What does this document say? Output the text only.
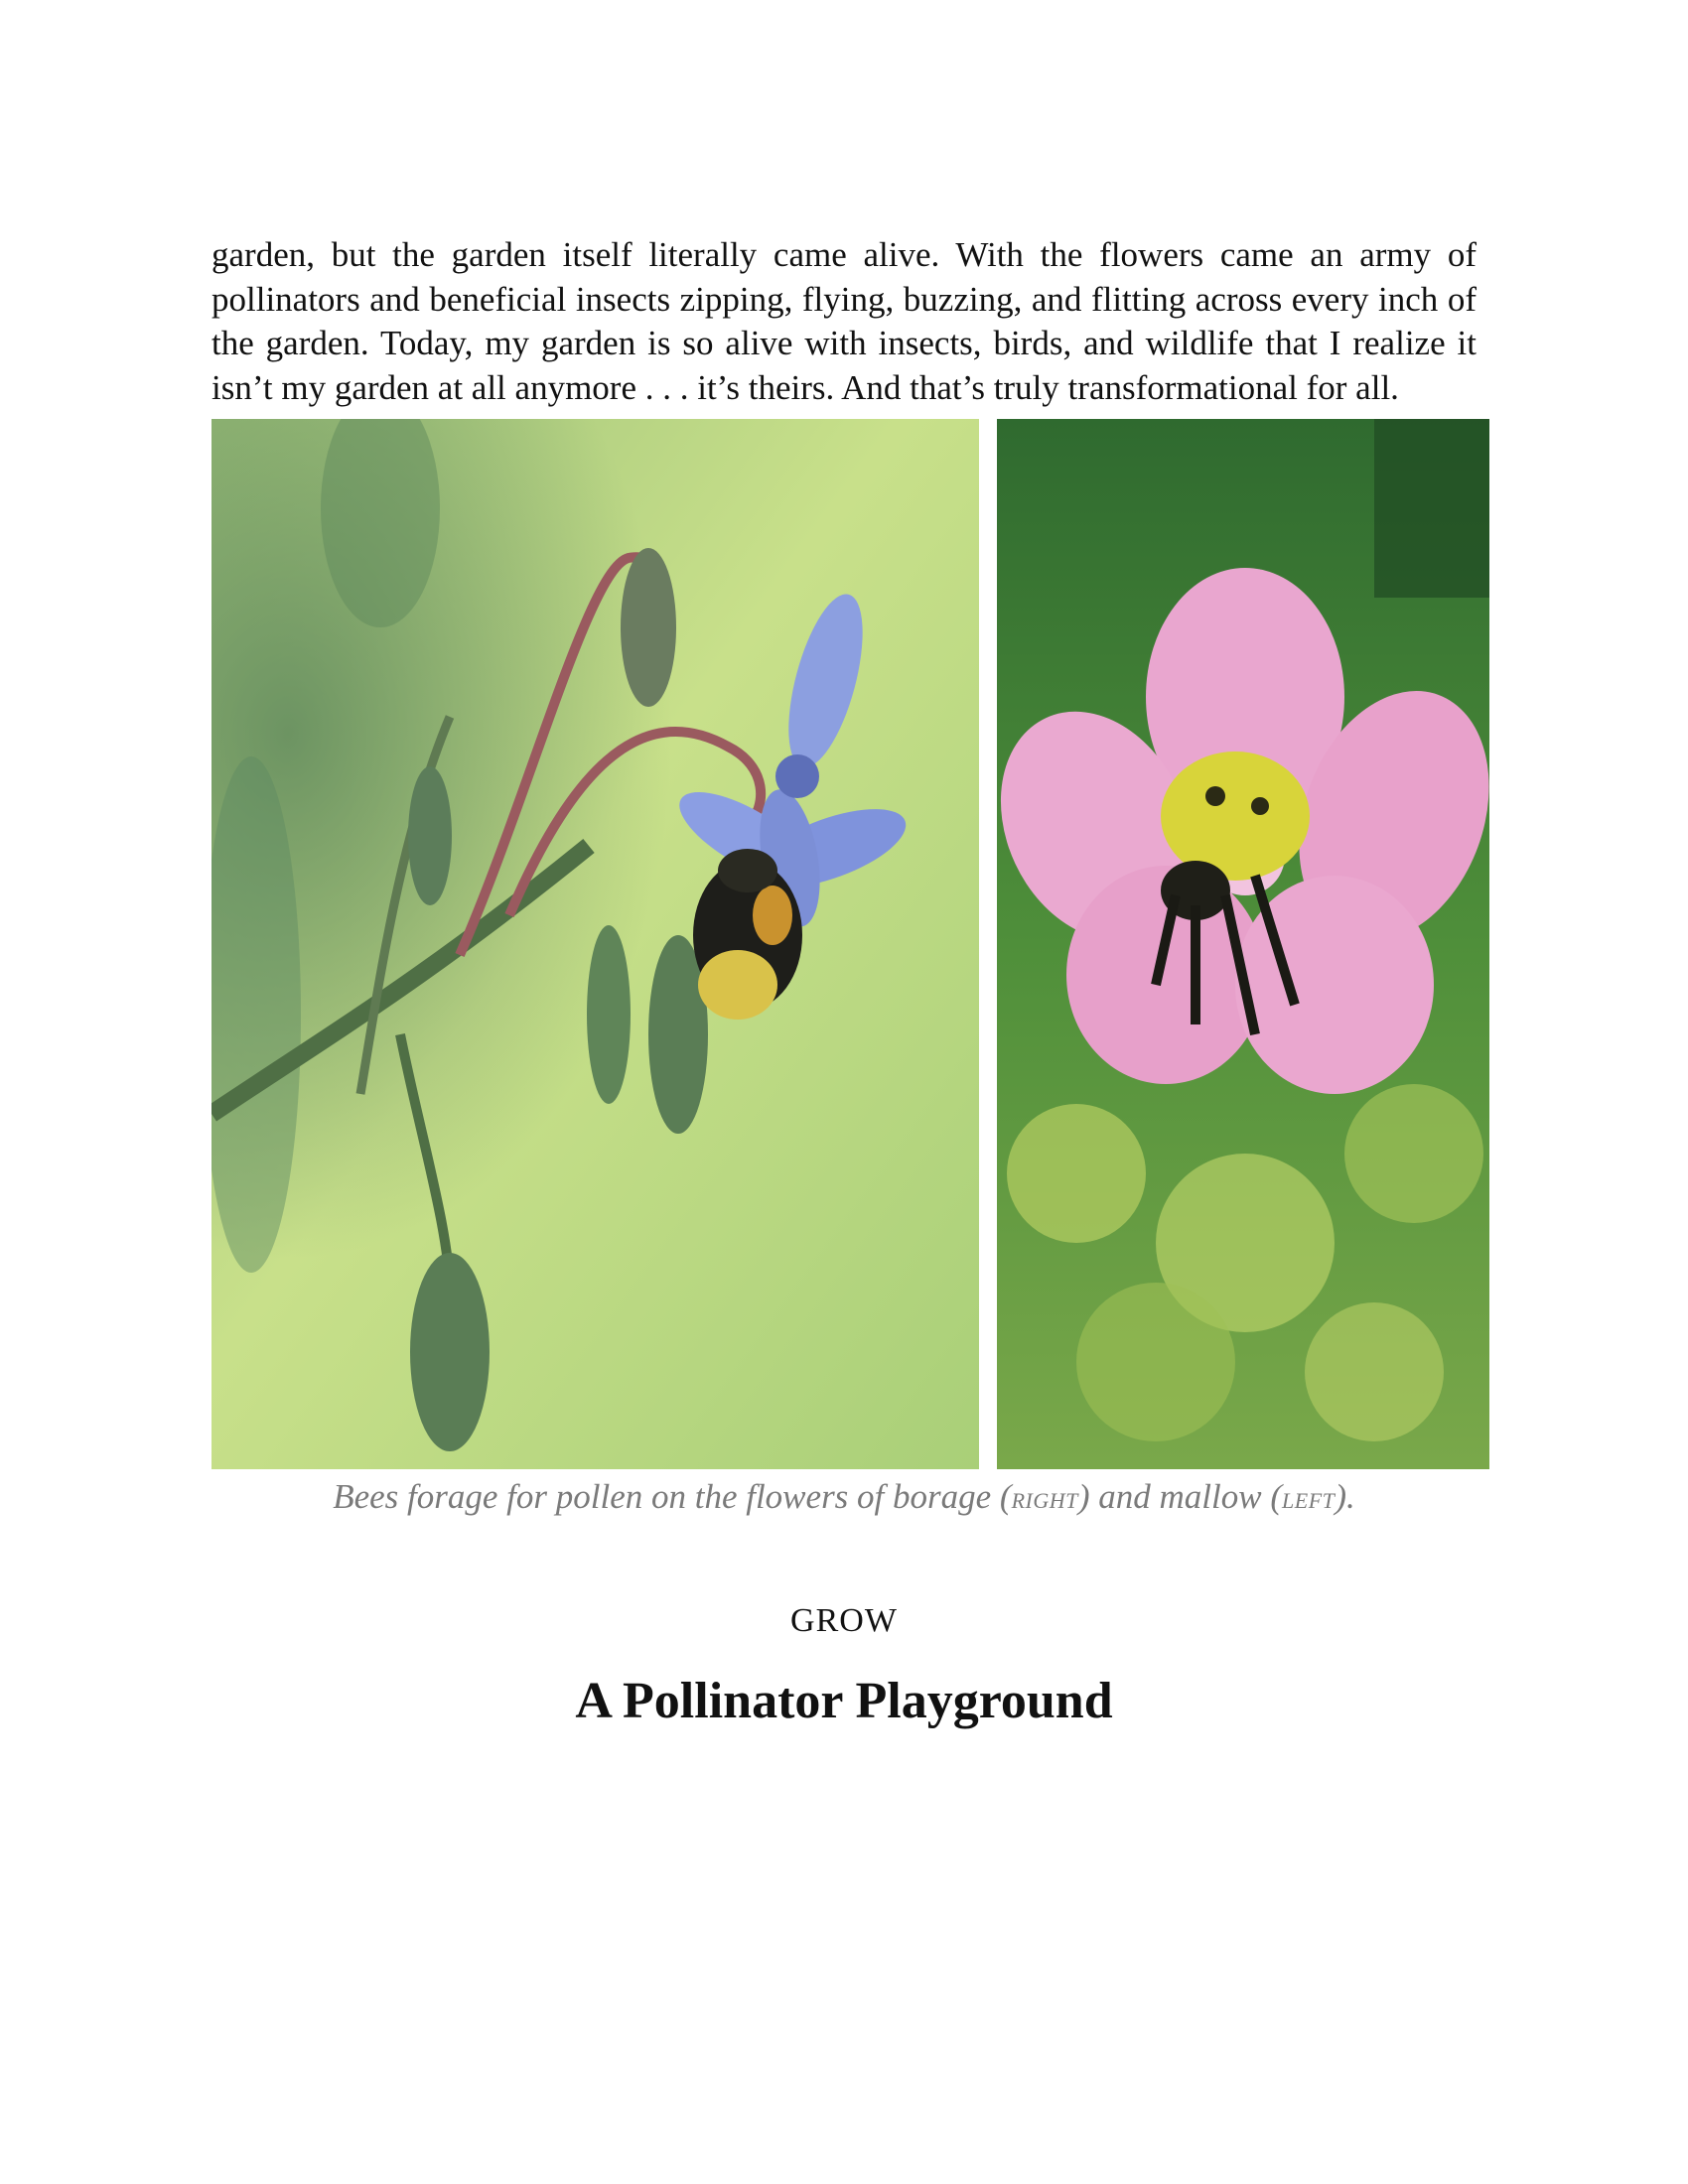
garden, but the garden itself literally came alive. With the flowers came an army of pollinators and beneficial insects zipping, flying, buzzing, and flitting across every inch of the garden. Today, my garden is so alive with insects, birds, and wildlife that I realize it isn’t my garden at all anymore . . . it’s theirs. And that’s truly transformational for all.

Bees forage for pollen on the flowers of borage (RIGHT) and mallow (LEFT).
GROW
A Pollinator Playground
